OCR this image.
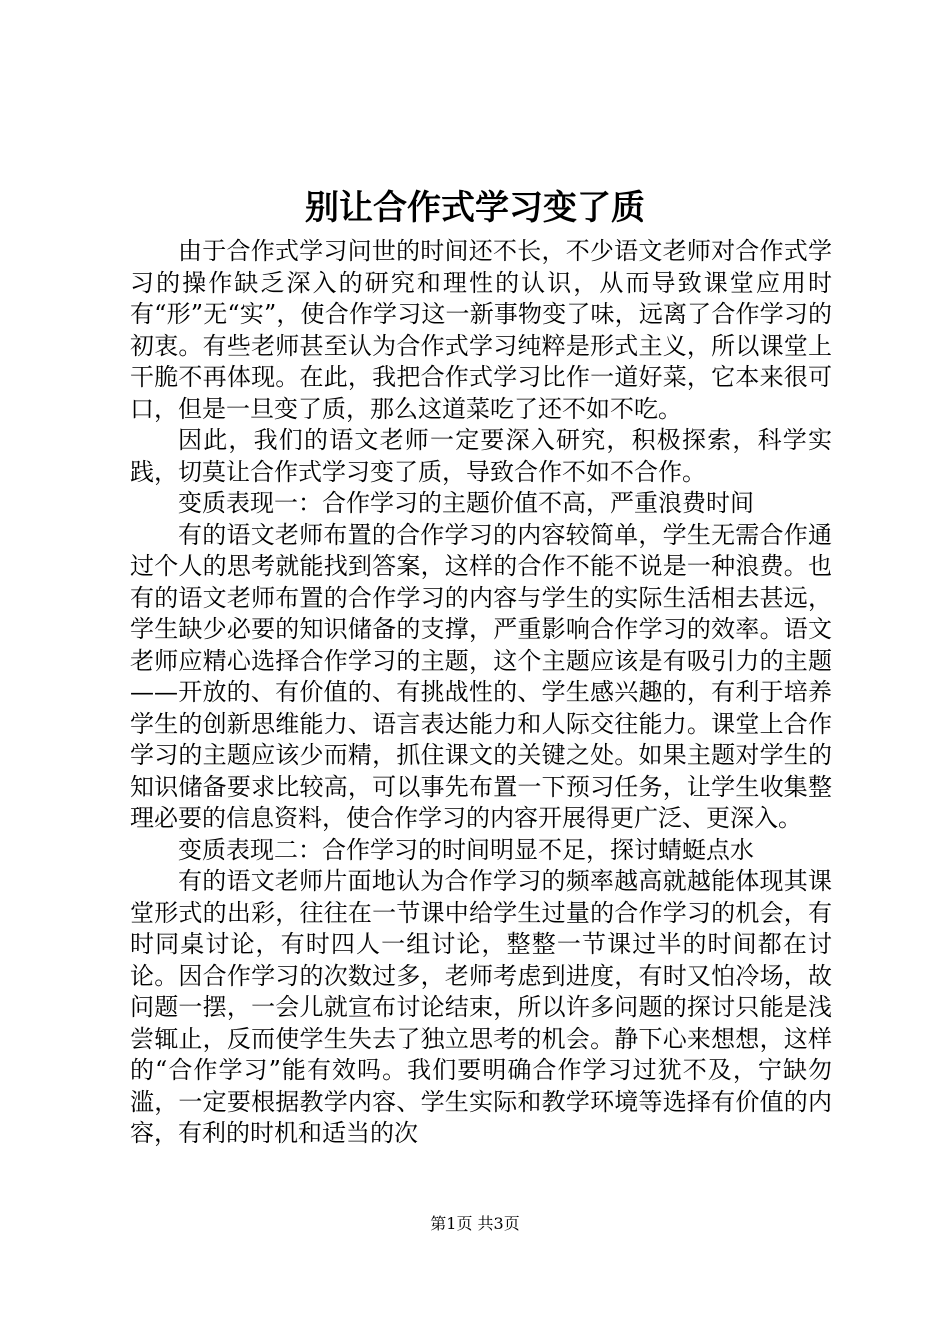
别让合作式学习变了质

由于合作式学习问世的时间还不长，不少语文老师对合作式学习的操作缺乏深入的研究和理性的认识，从而导致课堂应用时有“形”无“实”，使合作学习这一新事物变了味，远离了合作学习的初衷。有些老师甚至认为合作式学习纯粹是形式主义，所以课堂上干脆不再体现。在此，我把合作式学习比作一道好菜，它本来很可口，但是一旦变了质，那么这道菜吃了还不如不吃。

因此，我们的语文老师一定要深入研究，积极探索，科学实践，切莫让合作式学习变了质，导致合作不如不合作。

变质表现一：合作学习的主题价值不高，严重浪费时间

有的语文老师布置的合作学习的内容较简单，学生无需合作通过个人的思考就能找到答案，这样的合作不能不说是一种浪费。也有的语文老师布置的合作学习的内容与学生的实际生活相去甚远，学生缺少必要的知识储备的支撑，严重影响合作学习的效率。语文老师应精心选择合作学习的主题，这个主题应该是有吸引力的主题——开放的、有价值的、有挑战性的、学生感兴趣的，有利于培养学生的创新思维能力、语言表达能力和人际交往能力。课堂上合作学习的主题应该少而精，抓住课文的关键之处。如果主题对学生的知识储备要求比较高，可以事先布置一下预习任务，让学生收集整理必要的信息资料，使合作学习的内容开展得更广泛、更深入。

变质表现二：合作学习的时间明显不足，探讨蜻蜓点水

有的语文老师片面地认为合作学习的频率越高就越能体现其课堂形式的出彩，往往在一节课中给学生过量的合作学习的机会，有时同桌讨论，有时四人一组讨论，整整一节课过半的时间都在讨论。因合作学习的次数过多，老师考虑到进度，有时又怕冷场，故问题一摆，一会儿就宣布讨论结束，所以许多问题的探讨只能是浅尝辄止，反而使学生失去了独立思考的机会。静下心来想想，这样的“合作学习”能有效吗。我们要明确合作学习过犹不及，宁缺勿滥，一定要根据教学内容、学生实际和教学环境等选择有价值的内容，有利的时机和适当的次

第1页 共3页
